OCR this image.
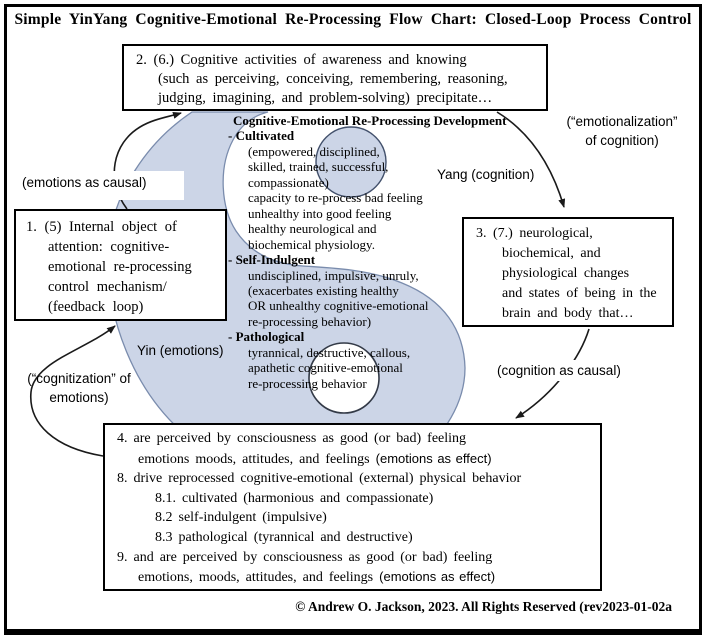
Simple YinYang Cognitive-Emotional Re-Processing Flow Chart: Closed-Loop Process Control
2. (6.) Cognitive activities of awareness and knowing
(such as perceiving, conceiving, remembering, reasoning,
judging, imagining, and problem-solving) precipitate…
1. (5) Internal object of
attention: cognitive-
emotional re-processing
control mechanism/
(feedback loop)
3. (7.) neurological,
biochemical, and
physiological changes
and states of being in the
brain and body that…
4. are perceived by consciousness as good (or bad) feeling
emotions moods, attitudes, and feelings (emotions as effect)
8. drive reprocessed cognitive-emotional (external) physical behavior
8.1. cultivated (harmonious and compassionate)
8.2 self-indulgent (impulsive)
8.3 pathological (tyrannical and destructive)
9. and are perceived by consciousness as good (or bad) feeling
emotions, moods, attitudes, and feelings (emotions as effect)
Cognitive-Emotional Re-Processing Development
- Cultivated
(empowered, disciplined,
skilled, trained, successful,
compassionate)
capacity to re-process bad feeling
unhealthy into good feeling
healthy neurological and
biochemical physiology.
- Self-Indulgent
undisciplined, impulsive, unruly,
(exacerbates existing healthy
OR unhealthy cognitive-emotional
re-processing behavior)
- Pathological
tyrannical, destructive, callous,
apathetic cognitive-emotional
re-processing behavior
(emotions as causal)
Yang (cognition)
(“emotionalization”
of cognition)
Yin (emotions)
(cognition as causal)
(“cognitization” of
emotions)
© Andrew O. Jackson, 2023. All Rights Reserved (rev2023-01-02a
